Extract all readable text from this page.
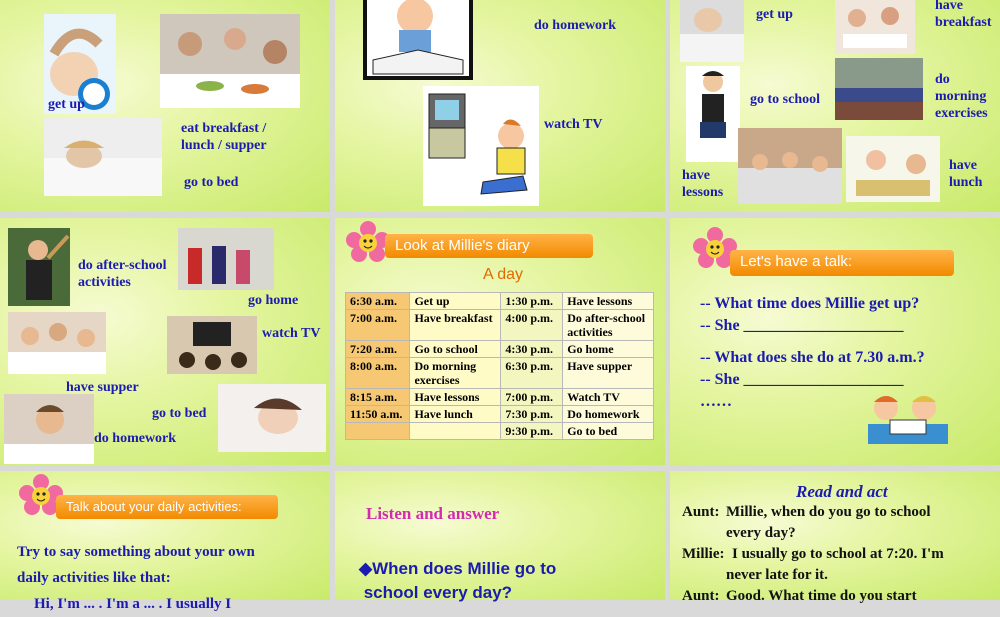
get up
eat breakfast /
lunch / supper
go to bed
do homework
watch TV
get up
have
breakfast
go to school
do
morning
exercises
have
lessons
have
lunch
do after-school
activities
go home
watch TV
have supper
go to bed
do homework
Look at Millie's diary
A day
6:30 a.m.	Get up	1:30 p.m.	Have lessons
7:00 a.m.	Have breakfast	4:00 p.m.	Do after-school activities
7:20 a.m.	Go to school	4:30 p.m.	Go home
8:00 a.m.	Do morning exercises	6:30 p.m.	Have supper
8:15 a.m.	Have lessons	7:00 p.m.	Watch TV
11:50 a.m.	Have lunch	7:30 p.m.	Do homework
		9:30 p.m.	Go to bed
Let's have a talk:
-- What time does Millie get up?
-- She ____________________
-- What does she do at 7.30 a.m.?
-- She ____________________
……
Talk about your daily activities:
Try to say something about your own
daily activities like that:
Hi, I'm ... . I'm a ... . I usually I
Listen and answer
◆When does Millie go to
school every day?
Read and act
Aunt: Millie, when do you go to school
every day?
Millie: I usually go to school at 7:20. I'm
never late for it.
Aunt: Good. What time do you start
